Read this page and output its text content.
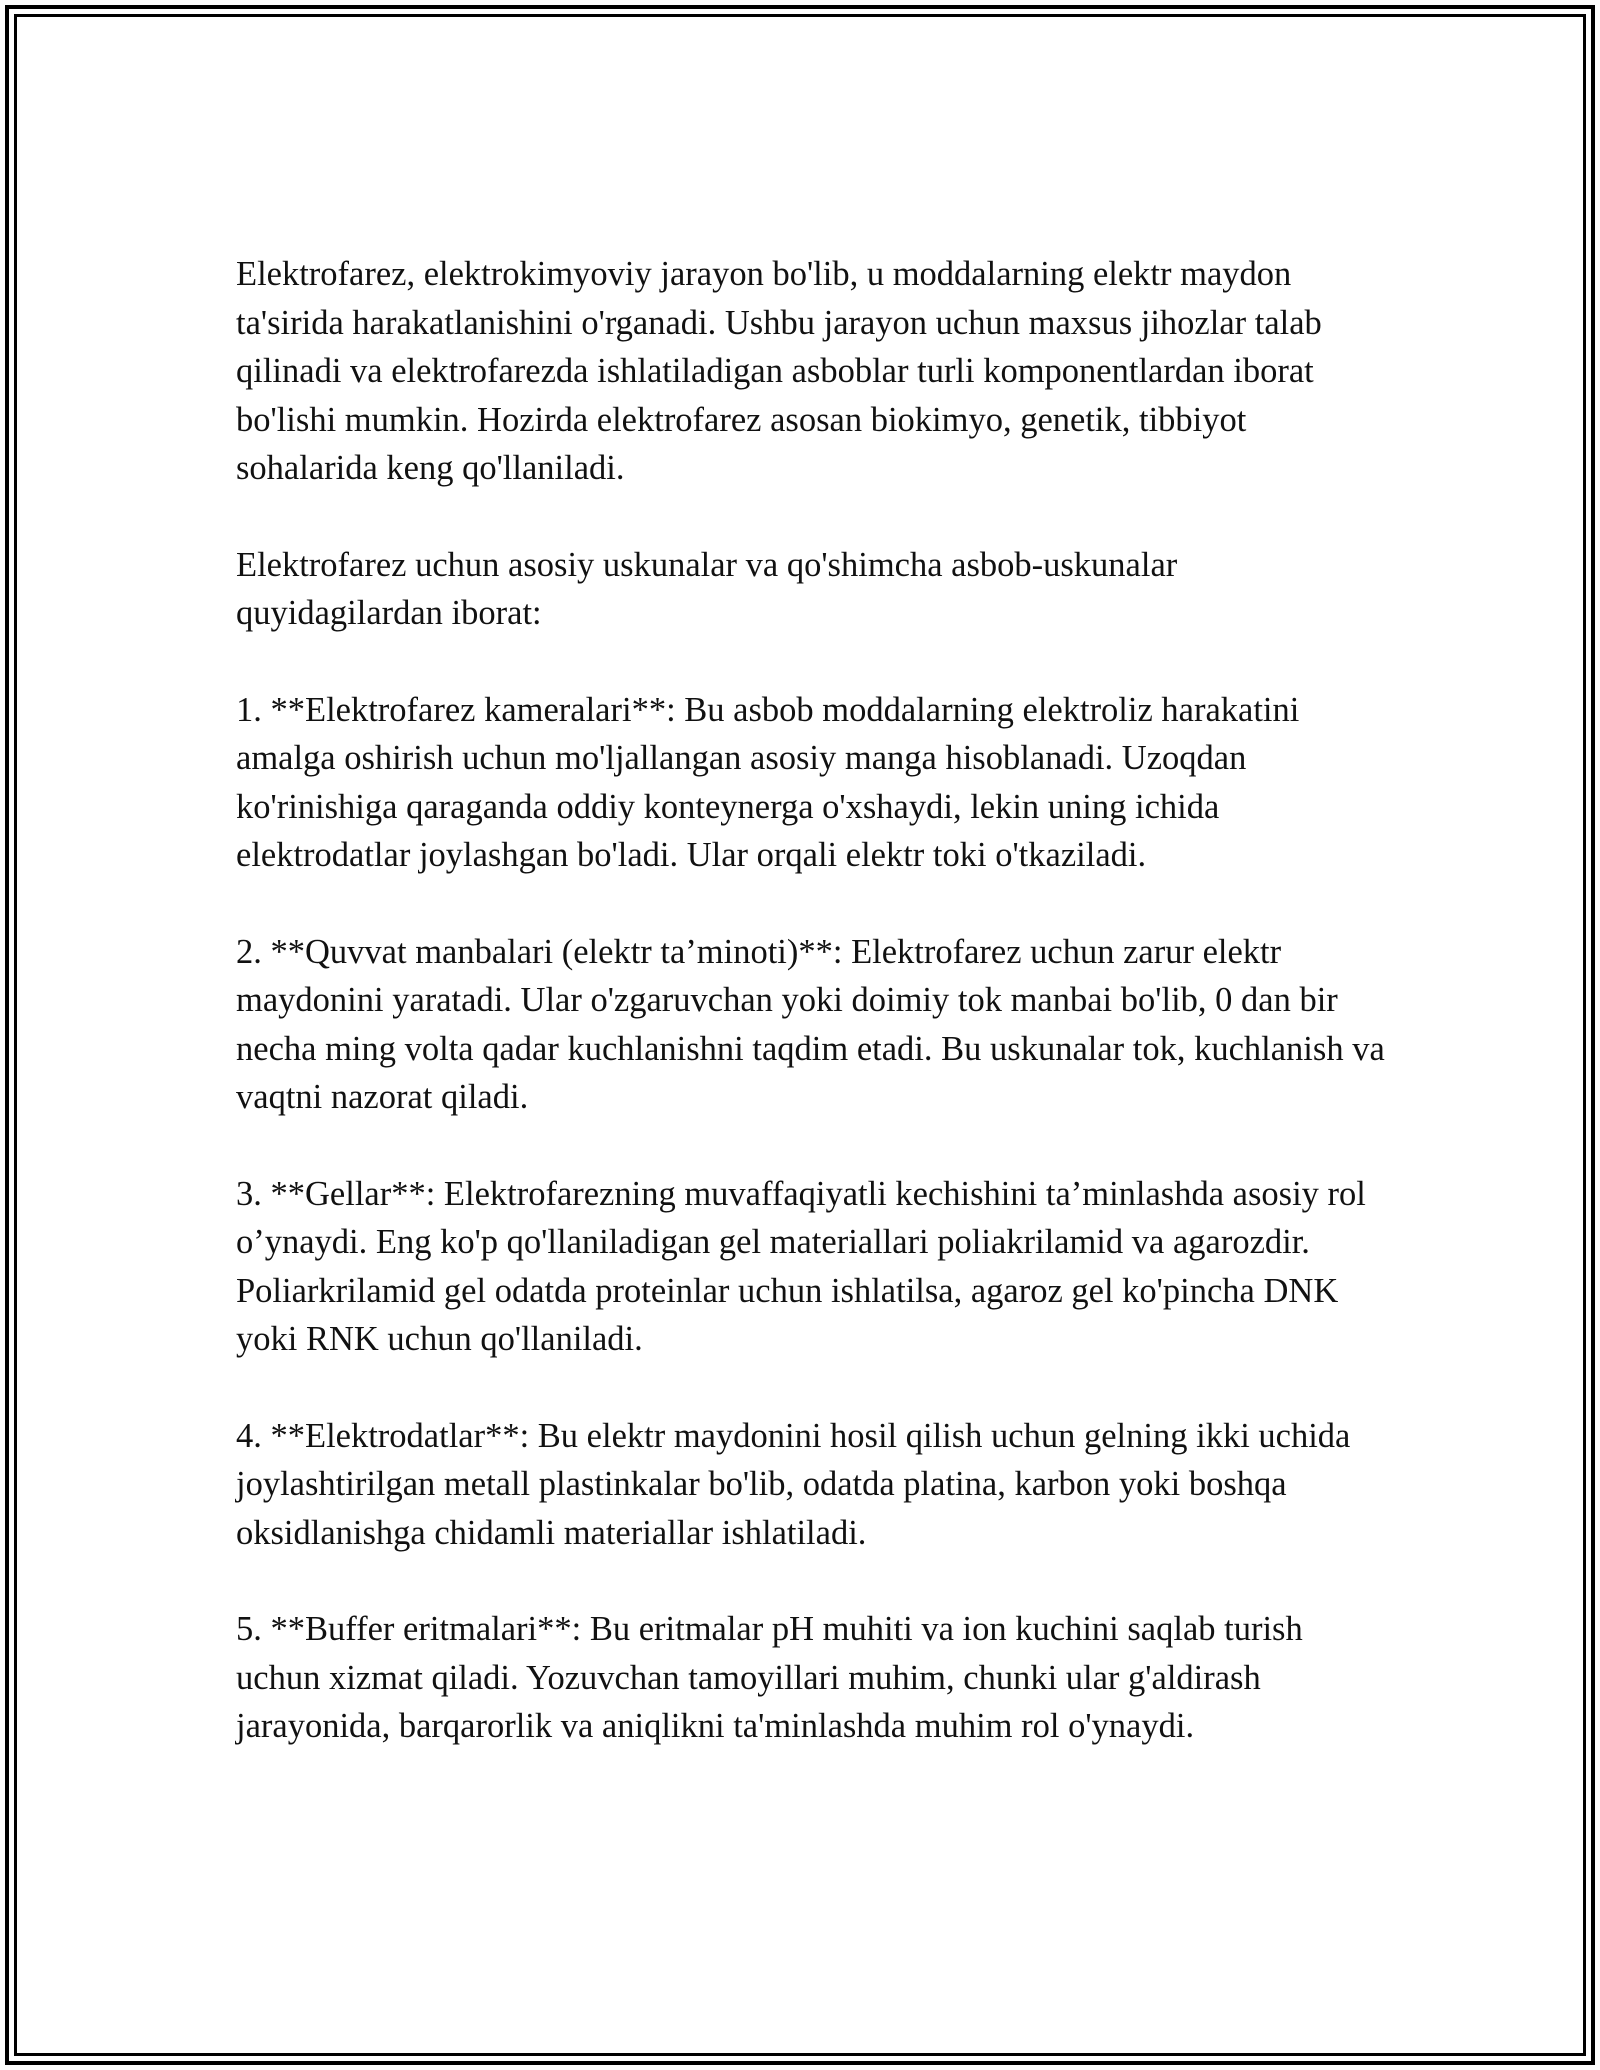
Elektrofarez, elektrokimyoviy jarayon bo'lib, u moddalarning elektr maydon ta'sirida harakatlanishini o'rganadi. Ushbu jarayon uchun maxsus jihozlar talab qilinadi va elektrofarezda ishlatiladigan asboblar turli komponentlardan iborat bo'lishi mumkin. Hozirda elektrofarez asosan biokimyo, genetik, tibbiyot sohalarida keng qo'llaniladi.

Elektrofarez uchun asosiy uskunalar va qo'shimcha asbob-uskunalar quyidagilardan iborat:

1. **Elektrofarez kameralari**: Bu asbob moddalarning elektroliz harakatini amalga oshirish uchun mo'ljallangan asosiy manga hisoblanadi. Uzoqdan ko'rinishiga qaraganda oddiy konteynerga o'xshaydi, lekin uning ichida elektrodatlar joylashgan bo'ladi. Ular orqali elektr toki o'tkaziladi.

2. **Quvvat manbalari (elektr ta’minoti)**: Elektrofarez uchun zarur elektr maydonini yaratadi. Ular o'zgaruvchan yoki doimiy tok manbai bo'lib, 0 dan bir necha ming volta qadar kuchlanishni taqdim etadi. Bu uskunalar tok, kuchlanish va vaqtni nazorat qiladi.

3. **Gellar**: Elektrofarezning muvaffaqiyatli kechishini ta’minlashda asosiy rol o’ynaydi. Eng ko'p qo'llaniladigan gel materiallari poliakrilamid va agarozdir. Poliarkrilamid gel odatda proteinlar uchun ishlatilsa, agaroz gel ko'pincha DNK yoki RNK uchun qo'llaniladi.

4. **Elektrodatlar**: Bu elektr maydonini hosil qilish uchun gelning ikki uchida joylashtirilgan metall plastinkalar bo'lib, odatda platina, karbon yoki boshqa oksidlanishga chidamli materiallar ishlatiladi.

5. **Buffer eritmalari**: Bu eritmalar pH muhiti va ion kuchini saqlab turish uchun xizmat qiladi. Yozuvchan tamoyillari muhim, chunki ular g'aldirash jarayonida, barqarorlik va aniqlikni ta'minlashda muhim rol o'ynaydi.
